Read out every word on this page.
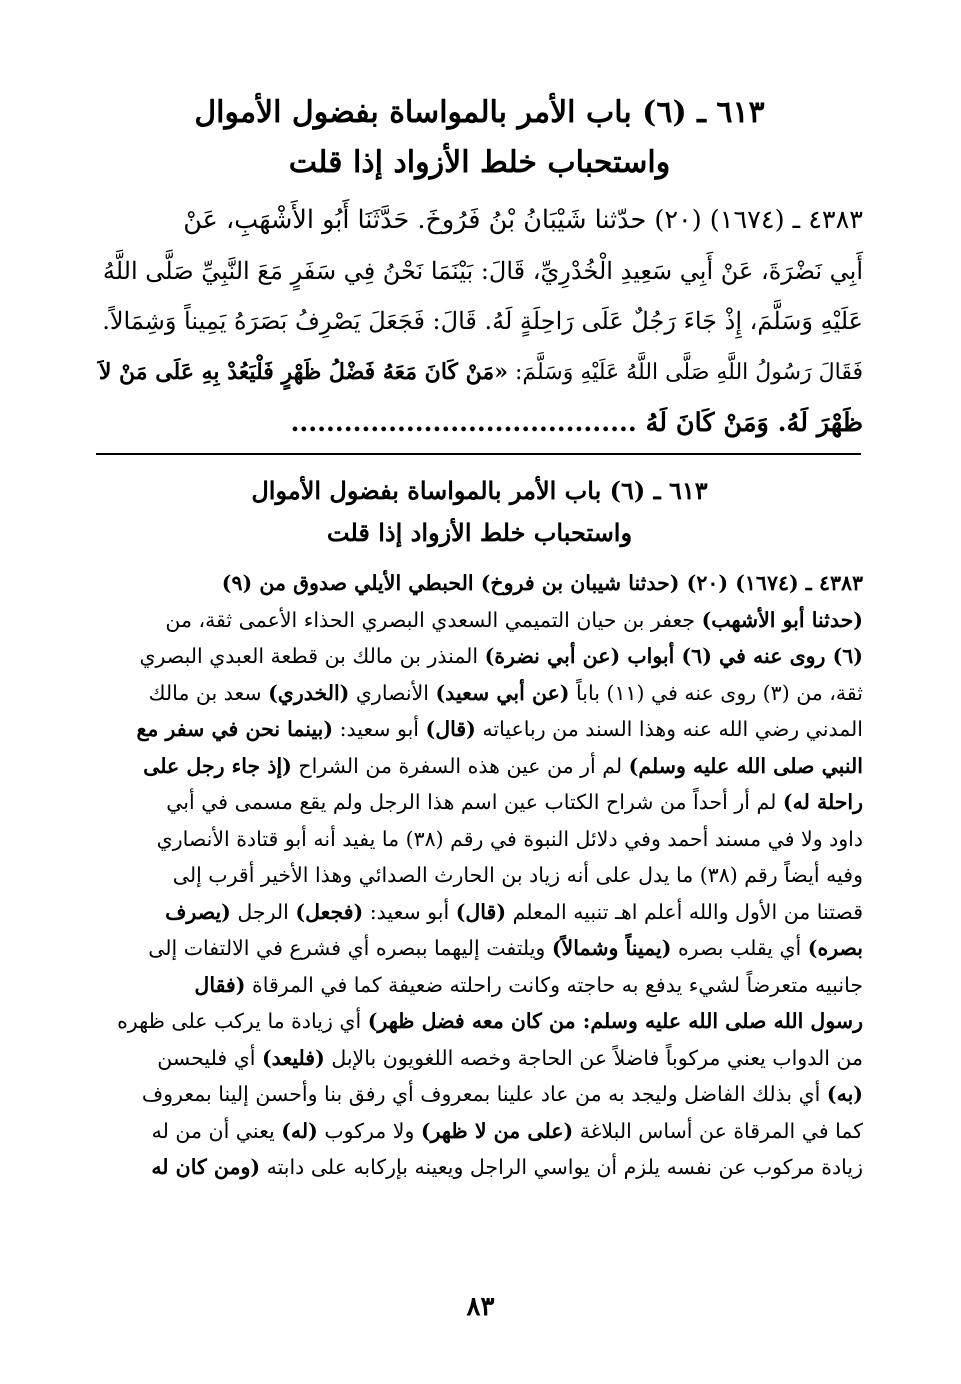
٦١٣ ـ (٦) باب الأمر بالمواساة بفضول الأموال
واستحباب خلط الأزواد إذا قلت
٤٣٨٣ ـ (١٦٧٤) (٢٠) حدّثنا شَيْبَانُ بْنُ فَرُوخَ. حَدَّثَنَا أَبُو الأَشْهَبِ، عَنْ
أَبِي نَضْرَةَ، عَنْ أَبِي سَعِيدِ الْخُدْرِيِّ، قَالَ: بَيْنَمَا نَحْنُ فِي سَفَرٍ مَعَ النَّبِيِّ صَلَّى اللَّهُ
عَلَيْهِ وَسَلَّمَ، إِذْ جَاءَ رَجُلٌ عَلَى رَاحِلَةٍ لَهُ. قَالَ: فَجَعَلَ يَصْرِفُ بَصَرَهُ يَمِيناً وَشِمَالاً.
فَقَالَ رَسُولُ اللَّهِ صَلَّى اللَّهُ عَلَيْهِ وَسَلَّمَ: «مَنْ كَانَ مَعَهُ فَضْلُ ظَهْرٍ فَلْيَعُدْ بِهِ عَلَى مَنْ لاَ
ظَهْرَ لَهُ. وَمَنْ كَانَ لَهُ .......................................
٦١٣ ـ (٦) باب الأمر بالمواساة بفضول الأموال
واستحباب خلط الأزواد إذا قلت
٤٣٨٣ ـ (١٦٧٤) (٢٠) (حدثنا شيبان بن فروخ) الحبطي الأيلي صدوق من (٩)
(حدثنا أبو الأشهب) جعفر بن حيان التميمي السعدي البصري الحذاء الأعمى ثقة، من
(٦) روى عنه في (٦) أبواب (عن أبي نضرة) المنذر بن مالك بن قطعة العبدي البصري
ثقة، من (٣) روى عنه في (١١) باباً (عن أبي سعيد) الأنصاري (الخدري) سعد بن مالك
المدني رضي الله عنه وهذا السند من رباعياته (قال) أبو سعيد: (بينما نحن في سفر مع
النبي صلى الله عليه وسلم) لم أر من عين هذه السفرة من الشراح (إذ جاء رجل على
راحلة له) لم أر أحداً من شراح الكتاب عين اسم هذا الرجل ولم يقع مسمى في أبي
داود ولا في مسند أحمد وفي دلائل النبوة في رقم (٣٨) ما يفيد أنه أبو قتادة الأنصاري
وفيه أيضاً رقم (٣٨) ما يدل على أنه زياد بن الحارث الصدائي وهذا الأخير أقرب إلى
قصتنا من الأول والله أعلم اهـ تنبيه المعلم (قال) أبو سعيد: (فجعل) الرجل (يصرف
بصره) أي يقلب بصره (يميناً وشمالاً) ويلتفت إليهما ببصره أي فشرع في الالتفات إلى
جانبيه متعرضاً لشيء يدفع به حاجته وكانت راحلته ضعيفة كما في المرقاة (فقال
رسول الله صلى الله عليه وسلم: من كان معه فضل ظهر) أي زيادة ما يركب على ظهره
من الدواب يعني مركوباً فاضلاً عن الحاجة وخصه اللغويون بالإبل (فليعد) أي فليحسن
(به) أي بذلك الفاضل وليجد به من عاد علينا بمعروف أي رفق بنا وأحسن إلينا بمعروف
كما في المرقاة عن أساس البلاغة (على من لا ظهر) ولا مركوب (له) يعني أن من له
زيادة مركوب عن نفسه يلزم أن يواسي الراجل ويعينه بإركابه على دابته (ومن كان له
٨٣
